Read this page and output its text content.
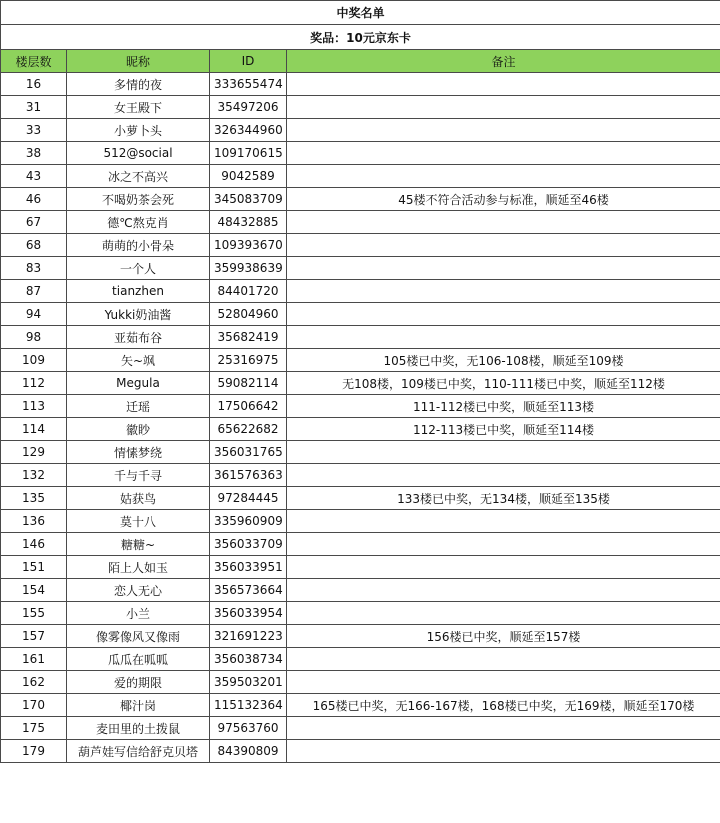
中奖名单			
奖品：10元京东卡			
楼层数	昵称	ID	备注
16	多情的夜	333655474	
31	女王殿下	35497206	
33	小萝卜头	326344960	
38	512@social	109170615	
43	冰之不高兴	9042589	
46	不喝奶茶会死	345083709	45楼不符合活动参与标准，顺延至46楼
67	德℃熬克肖	48432885	
68	萌萌的小骨朵	109393670	
83	一个人	359938639	
87	tianzhen	84401720	
94	Yukki奶油酱	52804960	
98	亚茹布谷	35682419	
109	矢~飒	25316975	105楼已中奖，无106-108楼，顺延至109楼
112	Megula	59082114	无108楼，109楼已中奖，110-111楼已中奖，顺延至112楼
113	迁瑶	17506642	111-112楼已中奖，顺延至113楼
114	徽眇	65622682	112-113楼已中奖，顺延至114楼
129	情愫梦绕	356031765	
132	千与千寻	361576363	
135	姑获鸟	97284445	133楼已中奖，无134楼，顺延至135楼
136	莫十八	335960909	
146	糖糖~	356033709	
151	陌上人如玉	356033951	
154	恋人无心	356573664	
155	小兰	356033954	
157	像雾像风又像雨	321691223	156楼已中奖，顺延至157楼
161	瓜瓜在呱呱	356038734	
162	爱的期限	359503201	
170	椰汁岗	115132364	165楼已中奖，无166-167楼，168楼已中奖，无169楼，顺延至170楼
175	麦田里的土拨鼠	97563760	
179	葫芦娃写信给舒克贝塔	84390809	
